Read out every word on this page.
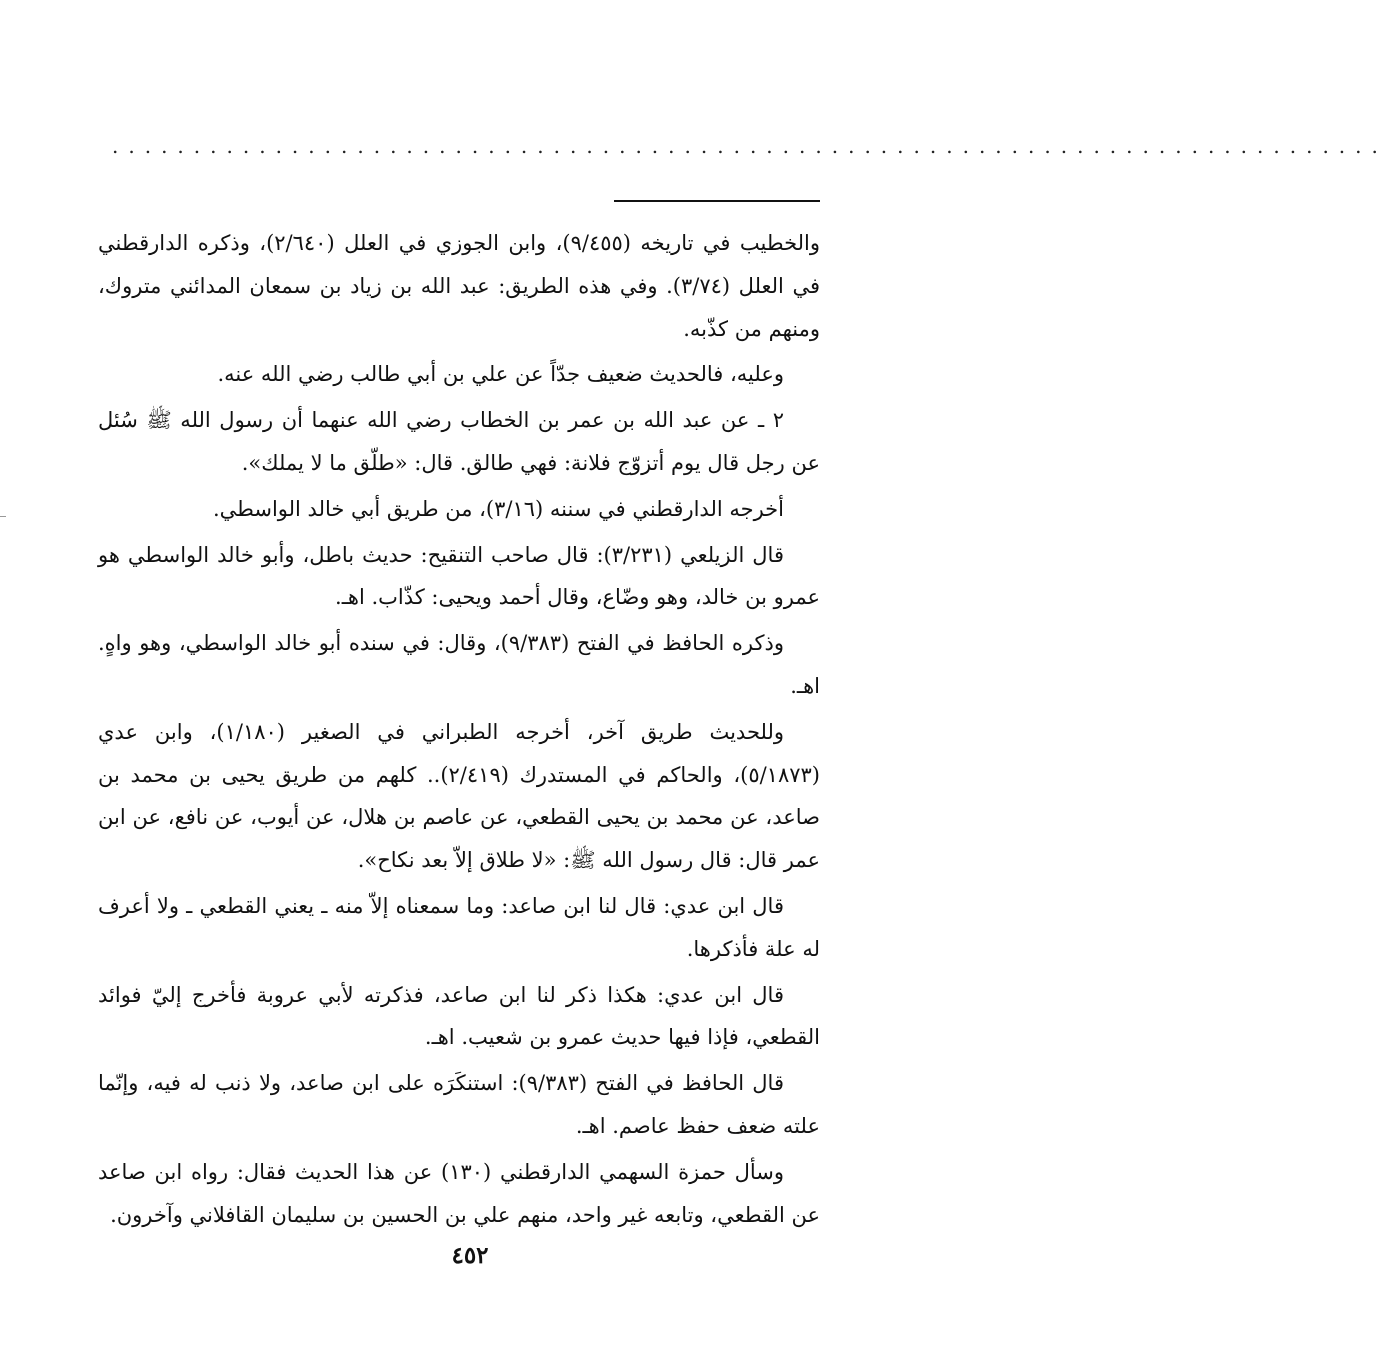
..............................................................................

والخطيب في تاريخه (٩/٤٥٥)، وابن الجوزي في العلل (٢/٦٤٠)، وذكره الدارقطني في العلل (٣/٧٤). وفي هذه الطريق: عبد الله بن زياد بن سمعان المدائني متروك، ومنهم من كذّبه.

وعليه، فالحديث ضعيف جدّاً عن علي بن أبي طالب رضي الله عنه.

٢ ـ عن عبد الله بن عمر بن الخطاب رضي الله عنهما أن رسول الله ﷺ سُئل عن رجل قال يوم أتزوّج فلانة: فهي طالق. قال: «طلّق ما لا يملك».

أخرجه الدارقطني في سننه (٣/١٦)، من طريق أبي خالد الواسطي.

قال الزيلعي (٣/٢٣١): قال صاحب التنقيح: حديث باطل، وأبو خالد الواسطي هو عمرو بن خالد، وهو وضّاع، وقال أحمد ويحيى: كذّاب. اهـ.

وذكره الحافظ في الفتح (٩/٣٨٣)، وقال: في سنده أبو خالد الواسطي، وهو واهٍ. اهـ.

وللحديث طريق آخر، أخرجه الطبراني في الصغير (١/١٨٠)، وابن عدي (٥/١٨٧٣)، والحاكم في المستدرك (٢/٤١٩).. كلهم من طريق يحيى بن محمد بن صاعد، عن محمد بن يحيى القطعي، عن عاصم بن هلال، عن أيوب، عن نافع، عن ابن عمر قال: قال رسول الله ﷺ: «لا طلاق إلاّ بعد نكاح».

قال ابن عدي: قال لنا ابن صاعد: وما سمعناه إلاّ منه ـ يعني القطعي ـ ولا أعرف له علة فأذكرها.

قال ابن عدي: هكذا ذكر لنا ابن صاعد، فذكرته لأبي عروبة فأخرج إليّ فوائد القطعي، فإذا فيها حديث عمرو بن شعيب. اهـ.

قال الحافظ في الفتح (٩/٣٨٣): استنكَرَه على ابن صاعد، ولا ذنب له فيه، وإنّما علته ضعف حفظ عاصم. اهـ.

وسأل حمزة السهمي الدارقطني (١٣٠) عن هذا الحديث فقال: رواه ابن صاعد عن القطعي، وتابعه غير واحد، منهم علي بن الحسين بن سليمان القافلاني وآخرون.

٤٥٢
